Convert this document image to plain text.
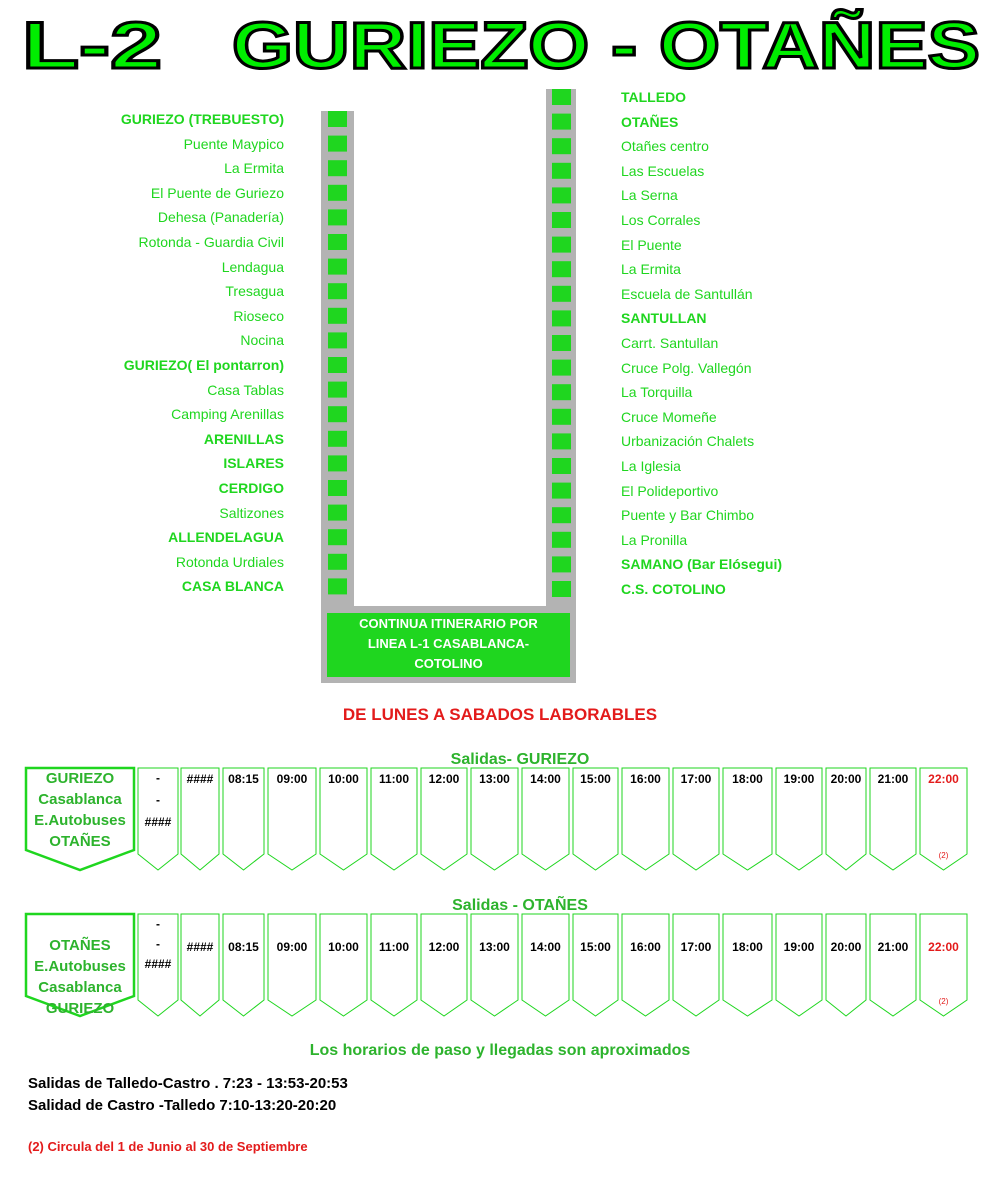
L-2 GURIEZO - OTAÑES
CONTINUA ITINERARIO POR
LINEA L-1 CASABLANCA-
COTOLINO
GURIEZO (TREBUESTO)
Puente Maypico
La Ermita
El Puente de Guriezo
Dehesa (Panadería)
Rotonda - Guardia Civil
Lendagua
Tresagua
Rioseco
Nocina
GURIEZO( El pontarron)
Casa Tablas
Camping Arenillas
ARENILLAS
ISLARES
CERDIGO
Saltizones
ALLENDELAGUA
Rotonda Urdiales
CASA BLANCA
TALLEDO
OTAÑES
Otañes centro
Las Escuelas
La Serna
Los Corrales
El Puente
La Ermita
Escuela de Santullán
SANTULLAN
Carrt. Santullan
Cruce Polg. Vallegón
La Torquilla
Cruce Momeñe
Urbanización Chalets
La Iglesia
El Polideportivo
Puente y Bar Chimbo
La Pronilla
SAMANO (Bar Elósegui)
C.S. COTOLINO
DE LUNES A SABADOS LABORABLES
Salidas- GURIEZO
GURIEZO
Casablanca
E.Autobuses
OTAÑES
-
-
####
#### 08:15 09:00 10:00 11:00 12:00 13:00 14:00 15:00 16:00 17:00 18:00 19:00 20:00 21:00 22:00
(2)
Salidas - OTAÑES
OTAÑES
E.Autobuses
Casablanca
GURIEZO
-
-
####
#### 08:15 09:00 10:00 11:00 12:00 13:00 14:00 15:00 16:00 17:00 18:00 19:00 20:00 21:00 22:00
(2)
Los horarios de paso y llegadas son aproximados
Salidas de Talledo-Castro . 7:23 - 13:53-20:53
Salidad de Castro -Talledo 7:10-13:20-20:20
(2) Circula del 1 de Junio al 30 de Septiembre
